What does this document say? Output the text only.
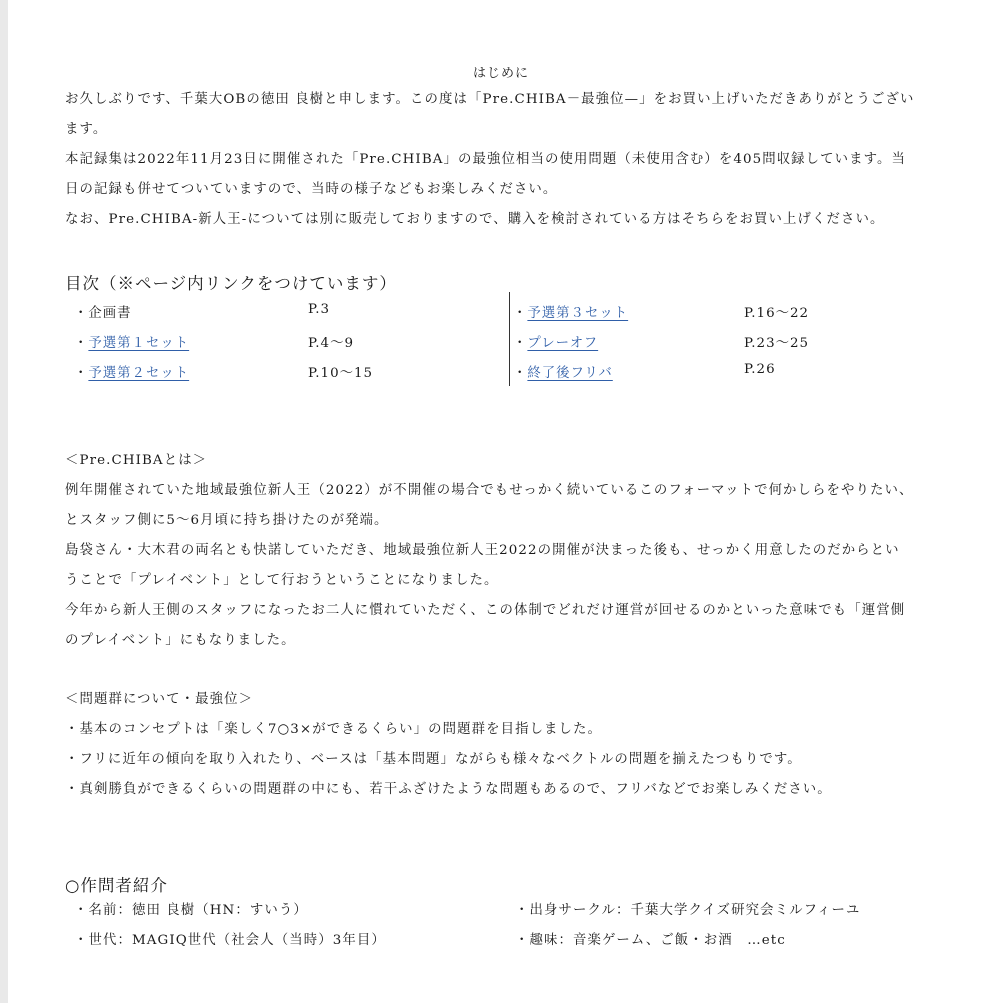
はじめに
お久しぶりです、千葉大OBの徳田 良樹と申します。この度は「Pre.CHIBA－最強位—」をお買い上げいただきありがとうござい
ます。
本記録集は2022年11月23日に開催された「Pre.CHIBA」の最強位相当の使用問題（未使用含む）を405問収録しています。当
日の記録も併せてついていますので、当時の様子などもお楽しみください。
なお、Pre.CHIBA-新人王-については別に販売しておりますので、購入を検討されている方はそちらをお買い上げください。
目次（※ページ内リンクをつけています）
・企画書	P.3
・予選第１セット	P.4～9
・予選第２セット	P.10～15
・予選第３セット	P.16～22
・プレーオフ	P.23～25
・終了後フリバ	P.26
＜Pre.CHIBAとは＞
例年開催されていた地域最強位新人王（2022）が不開催の場合でもせっかく続いているこのフォーマットで何かしらをやりたい、
とスタッフ側に5～6月頃に持ち掛けたのが発端。
島袋さん・大木君の両名とも快諾していただき、地域最強位新人王2022の開催が決まった後も、せっかく用意したのだからとい
うことで「プレイベント」として行おうということになりました。
今年から新人王側のスタッフになったお二人に慣れていただく、この体制でどれだけ運営が回せるのかといった意味でも「運営側
のプレイベント」にもなりました。
＜問題群について・最強位＞
・基本のコンセプトは「楽しく7○3×ができるくらい」の問題群を目指しました。
・フリに近年の傾向を取り入れたり、ベースは「基本問題」ながらも様々なベクトルの問題を揃えたつもりです。
・真剣勝負ができるくらいの問題群の中にも、若干ふざけたような問題もあるので、フリバなどでお楽しみください。
○作問者紹介
・名前：徳田 良樹（HN：すいう）
・世代：MAGIQ世代（社会人（当時）3年目）
・出身サークル：千葉大学クイズ研究会ミルフィーユ
・趣味：音楽ゲーム、ご飯・お酒　…etc
